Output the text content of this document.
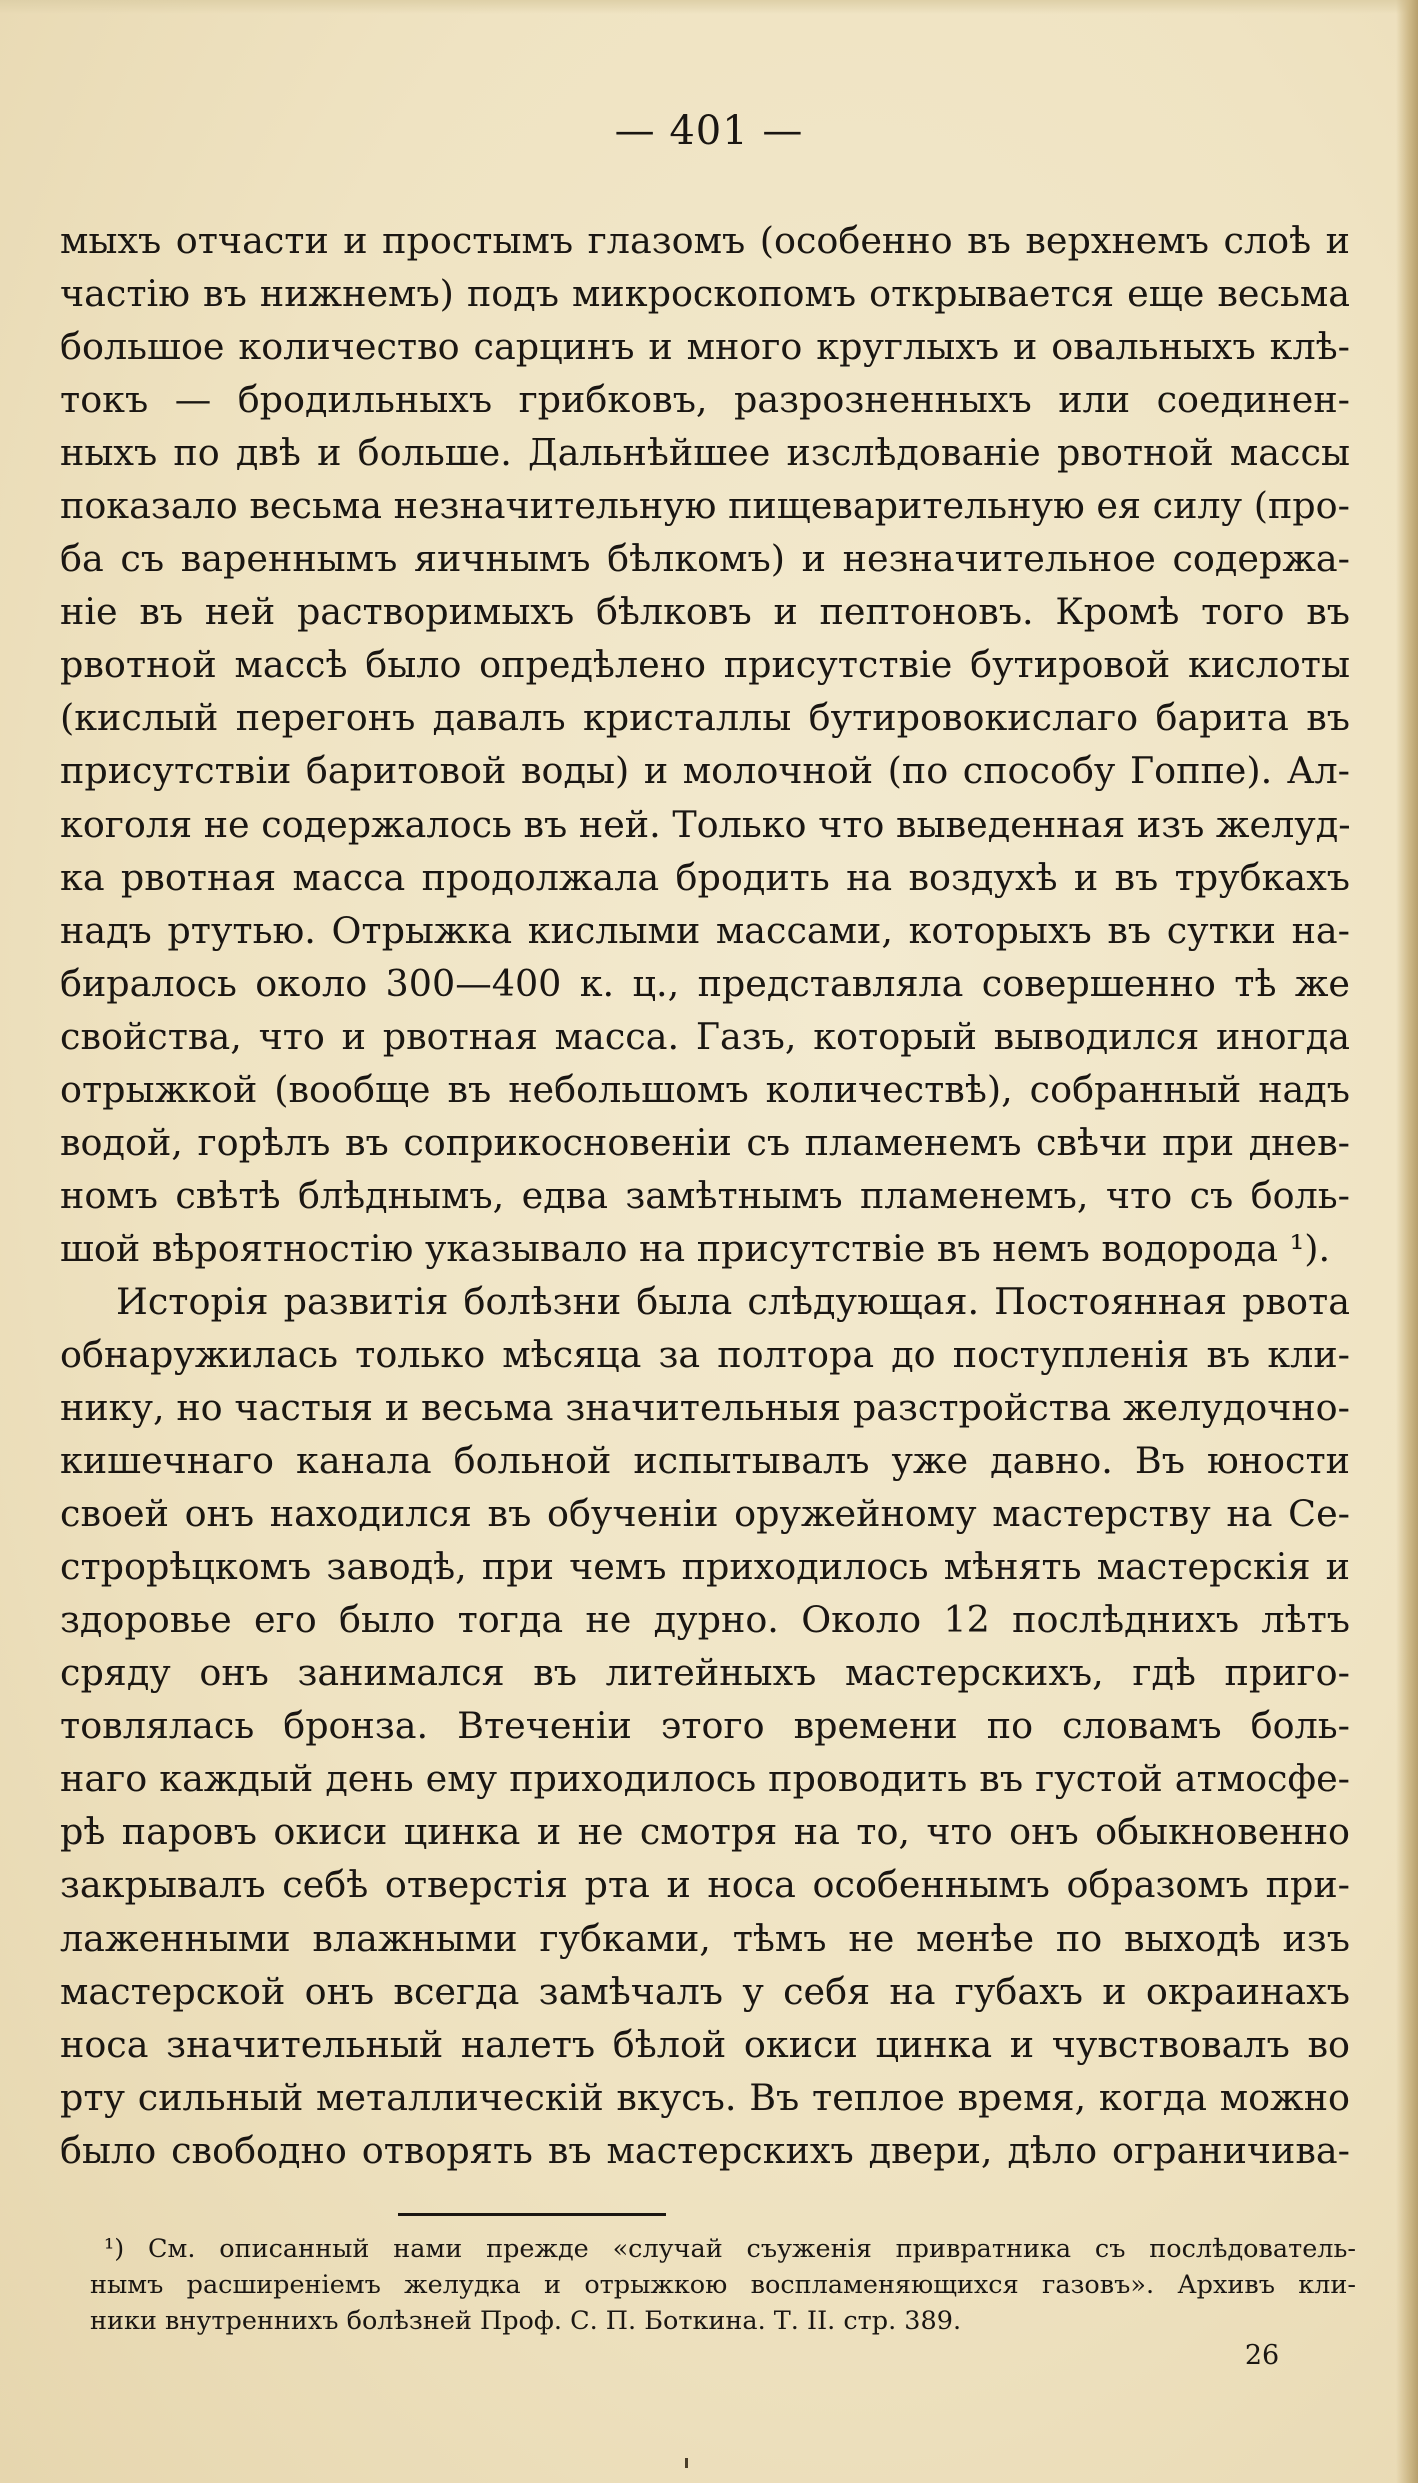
— 401 —
мыхъ отчасти и простымъ глазомъ (особенно въ верхнемъ слоѣ и
частію въ нижнемъ) подъ микроскопомъ открывается еще весьма
большое количество сарцинъ и много круглыхъ и овальныхъ клѣ-
токъ — бродильныхъ грибковъ, разрозненныхъ или соединен-
ныхъ по двѣ и больше. Дальнѣйшее изслѣдованіе рвотной массы
показало весьма незначительную пищеварительную ея силу (про-
ба съ вареннымъ яичнымъ бѣлкомъ) и незначительное содержа-
ніе въ ней растворимыхъ бѣлковъ и пептоновъ. Кромѣ того въ
рвотной массѣ было опредѣлено присутствіе бутировой кислоты
(кислый перегонъ давалъ кристаллы бутировокислаго барита въ
присутствіи баритовой воды) и молочной (по способу Гоппе). Ал-
коголя не содержалось въ ней. Только что выведенная изъ желуд-
ка рвотная масса продолжала бродить на воздухѣ и въ трубкахъ
надъ ртутью. Отрыжка кислыми массами, которыхъ въ сутки на-
биралось около 300—400 к. ц., представляла совершенно тѣ же
свойства, что и рвотная масса. Газъ, который выводился иногда
отрыжкой (вообще въ небольшомъ количествѣ), собранный надъ
водой, горѣлъ въ соприкосновеніи съ пламенемъ свѣчи при днев-
номъ свѣтѣ блѣднымъ, едва замѣтнымъ пламенемъ, что съ боль-
шой вѣроятностію указывало на присутствіе въ немъ водорода ¹).
Исторія развитія болѣзни была слѣдующая. Постоянная рвота
обнаружилась только мѣсяца за полтора до поступленія въ кли-
нику, но частыя и весьма значительныя разстройства желудочно-
кишечнаго канала больной испытывалъ уже давно. Въ юности
своей онъ находился въ обученіи оружейному мастерству на Се-
строрѣцкомъ заводѣ, при чемъ приходилось мѣнять мастерскія и
здоровье его было тогда не дурно. Около 12 послѣднихъ лѣтъ
сряду онъ занимался въ литейныхъ мастерскихъ, гдѣ приго-
товлялась бронза. Втеченіи этого времени по словамъ боль-
наго каждый день ему приходилось проводить въ густой атмосфе-
рѣ паровъ окиси цинка и не смотря на то, что онъ обыкновенно
закрывалъ себѣ отверстія рта и носа особеннымъ образомъ при-
лаженными влажными губками, тѣмъ не менѣе по выходѣ изъ
мастерской онъ всегда замѣчалъ у себя на губахъ и окраинахъ
носа значительный налетъ бѣлой окиси цинка и чувствовалъ во
рту сильный металлическій вкусъ. Въ теплое время, когда можно
было свободно отворять въ мастерскихъ двери, дѣло ограничива-
¹) См. описанный нами прежде «случай съуженія привратника съ послѣдователь-
нымъ расширеніемъ желудка и отрыжкою воспламеняющихся газовъ». Архивъ кли-
ники внутреннихъ болѣзней Проф. С. П. Боткина. Т. II. стр. 389.
26
